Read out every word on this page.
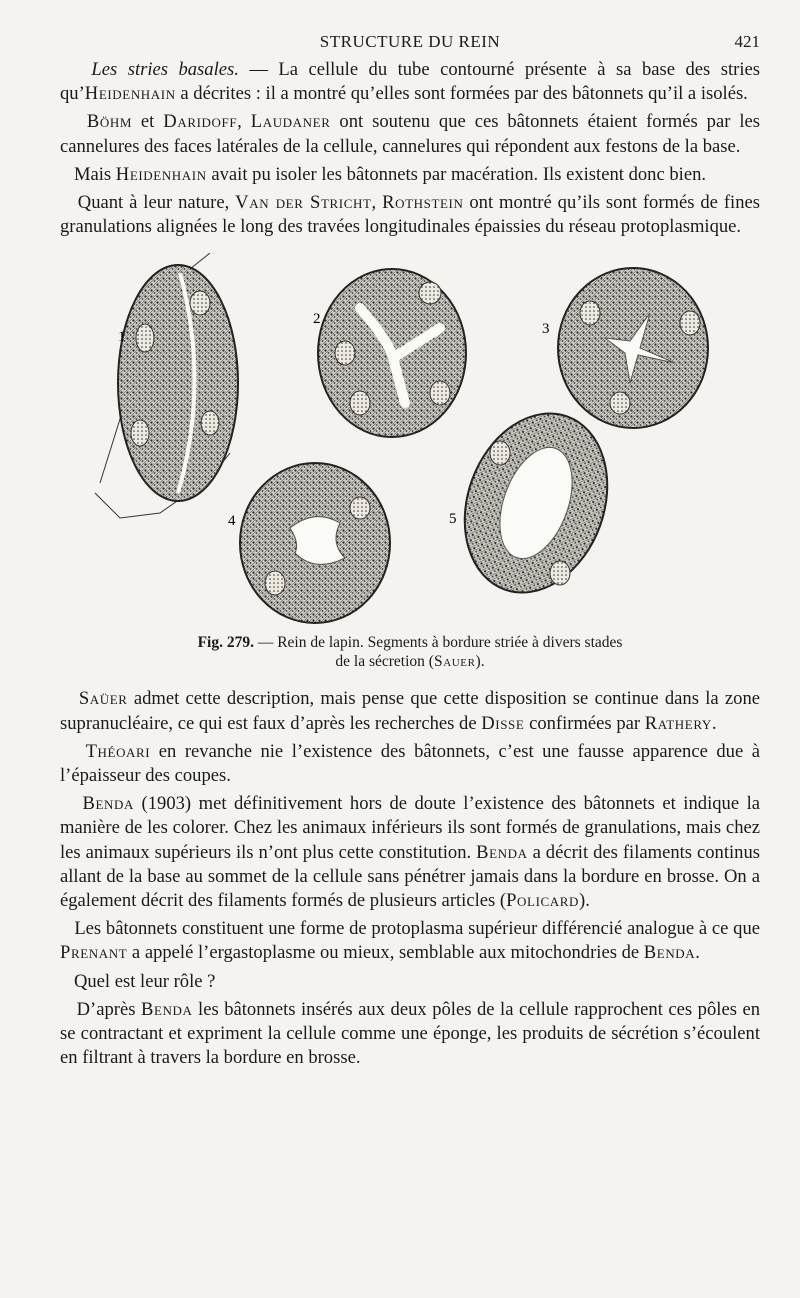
STRUCTURE DU REIN	421

Les stries basales. — La cellule du tube contourné présente à sa base des stries qu’Heidenhain a décrites : il a montré qu’elles sont formées par des bâtonnets qu’il a isolés.

Böhm et Daridoff, Laudaner ont soutenu que ces bâtonnets étaient formés par les cannelures des faces latérales de la cellule, cannelures qui répondent aux festons de la base.

Mais Heidenhain avait pu isoler les bâtonnets par macération. Ils existent donc bien.

Quant à leur nature, Van der Stricht, Rothstein ont montré qu’ils sont formés de fines granulations alignées le long des travées longitudinales épaissies du réseau protoplasmique.

1
2
3
4	5
Fig. 279. — Rein de lapin. Segments à bordure striée à divers stades
de la sécretion (Sauer).

Saüer admet cette description, mais pense que cette disposition se continue dans la zone supranucléaire, ce qui est faux d’après les recherches de Disse confirmées par Rathery.

Théoari en revanche nie l’existence des bâtonnets, c’est une fausse apparence due à l’épaisseur des coupes.

Benda (1903) met définitivement hors de doute l’existence des bâtonnets et indique la manière de les colorer. Chez les animaux inférieurs ils sont formés de granulations, mais chez les animaux supérieurs ils n’ont plus cette constitution. Benda a décrit des filaments continus allant de la base au sommet de la cellule sans pénétrer jamais dans la bordure en brosse. On a également décrit des filaments formés de plusieurs articles (Policard).

Les bâtonnets constituent une forme de protoplasma supérieur différencié analogue à ce que Prenant a appelé l’ergastoplasme ou mieux, semblable aux mitochondries de Benda.

Quel est leur rôle ?

D’après Benda les bâtonnets insérés aux deux pôles de la cellule rapprochent ces pôles en se contractant et expriment la cellule comme une éponge, les produits de sécrétion s’écoulent en filtrant à travers la bordure en brosse.
